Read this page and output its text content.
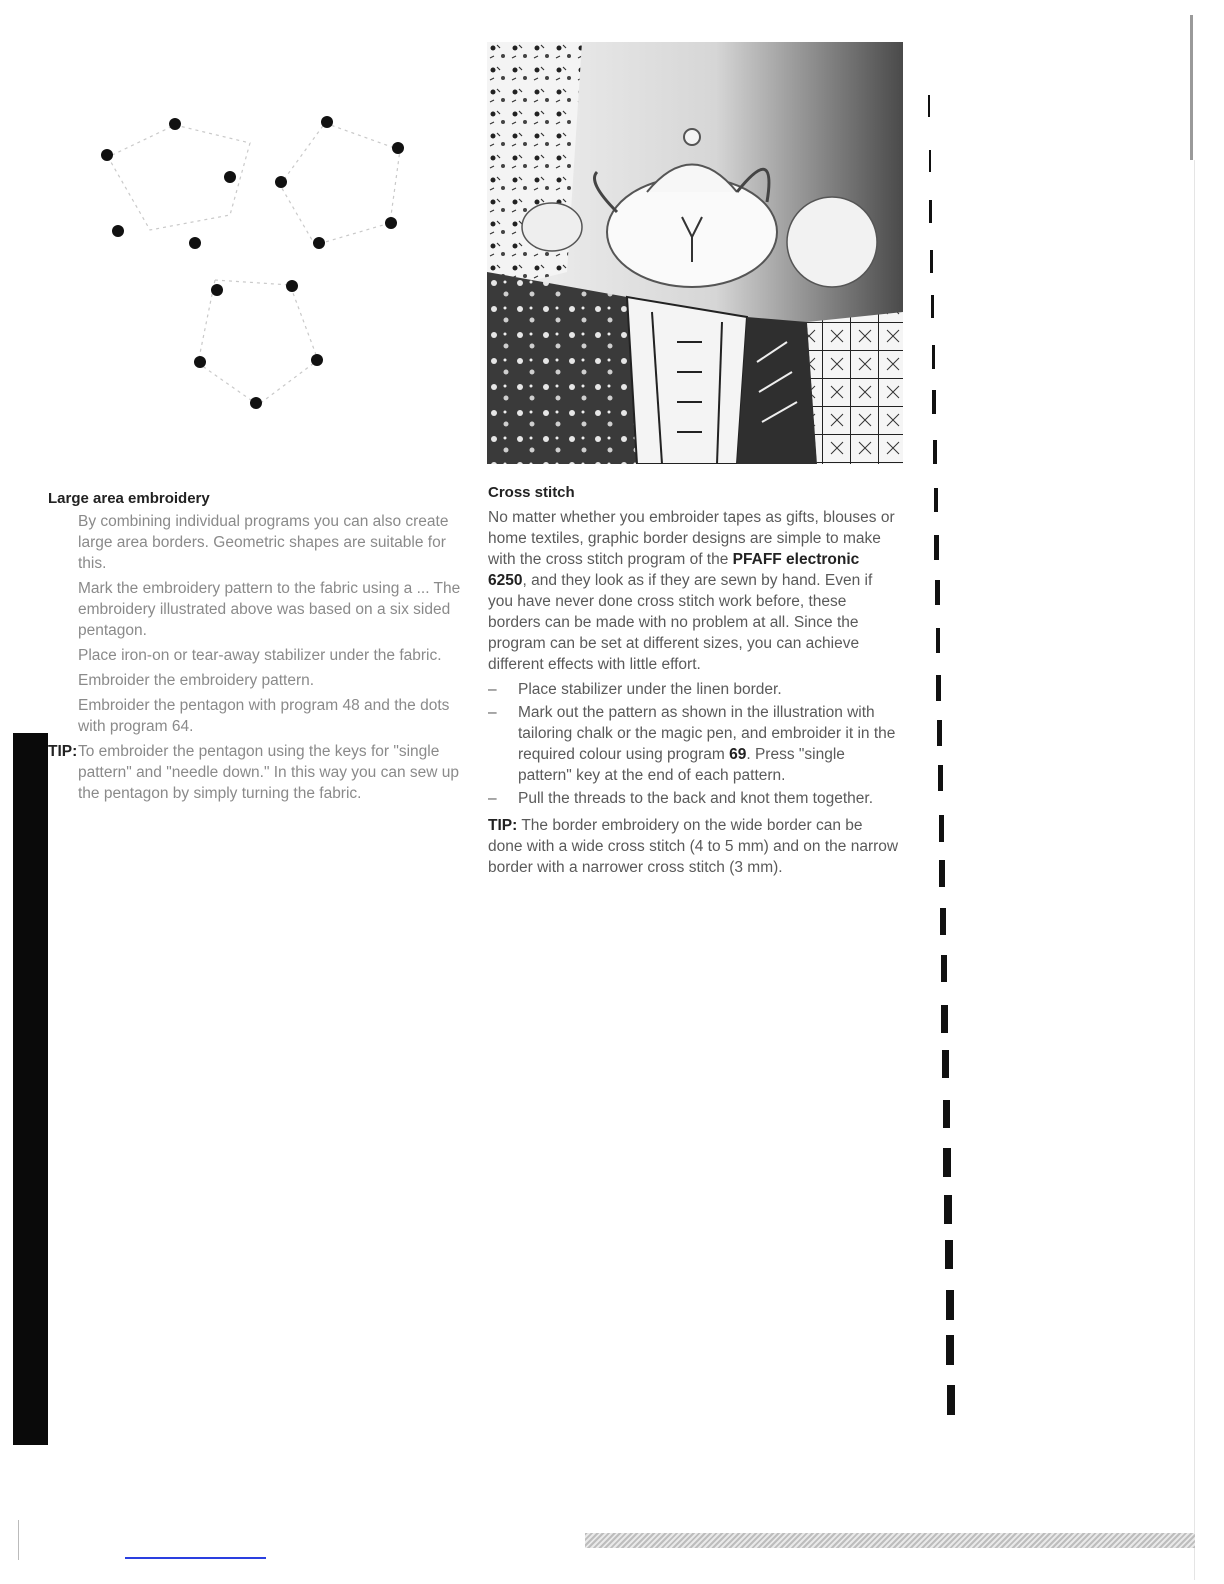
Large area embroidery

By combining individual programs you can also create large area borders. Geometric shapes are suitable for this.

Mark the embroidery pattern to the fabric using a ... The embroidery illustrated above was based on a six sided pentagon.

Place iron-on or tear-away stabilizer under the fabric.

Embroider the embroidery pattern.

Embroider the pentagon with program 48 and the dots with program 64.

TIP: To embroider the pentagon using the keys for "single pattern" and "needle down." In this way you can sew up the pentagon by simply turning the fabric.
Cross stitch

No matter whether you embroider tapes as gifts, blouses or home textiles, graphic border designs are simple to make with the cross stitch program of the PFAFF electronic 6250, and they look as if they are sewn by hand. Even if you have never done cross stitch work before, these borders can be made with no problem at all. Since the program can be set at different sizes, you can achieve different effects with little effort.

–	Place stabilizer under the linen border.
–	Mark out the pattern as shown in the illustration with tailoring chalk or the magic pen, and embroider it in the required colour using program 69. Press "single pattern" key at the end of each pattern.
–	Pull the threads to the back and knot them together.

TIP: The border embroidery on the wide border can be done with a wide cross stitch (4 to 5 mm) and on the narrow border with a narrower cross stitch (3 mm).
